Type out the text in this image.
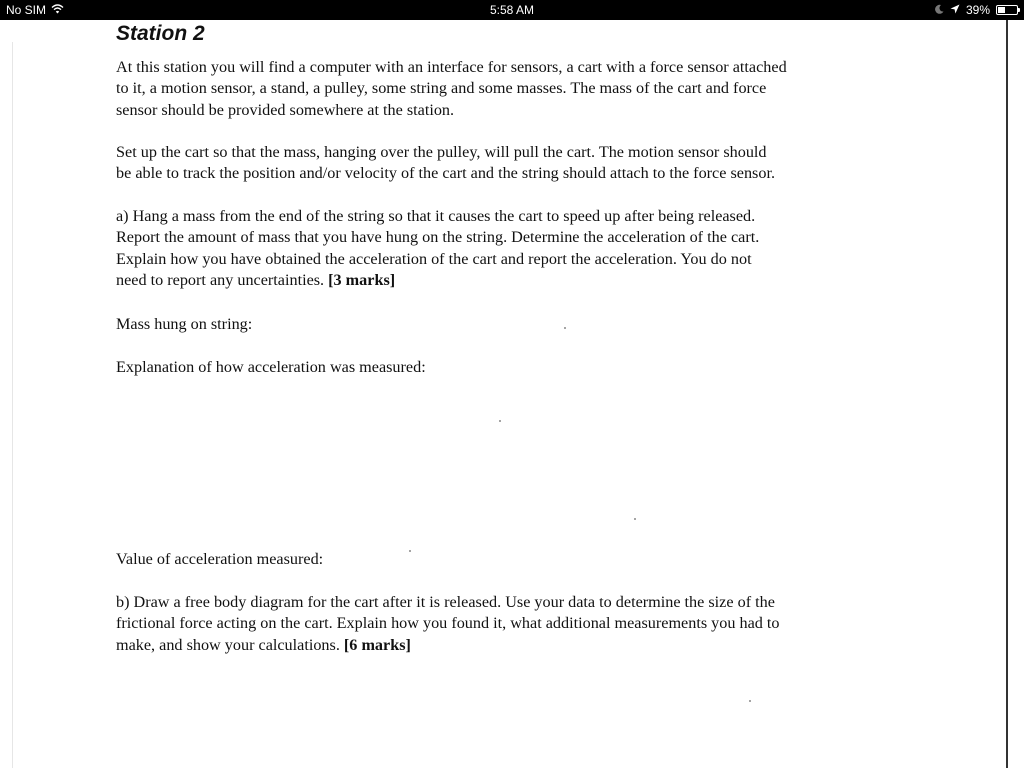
No SIM	5:58 AM	39%
Station 2

At this station you will find a computer with an interface for sensors, a cart with a force sensor attached
to it, a motion sensor, a stand, a pulley, some string and some masses. The mass of the cart and force
sensor should be provided somewhere at the station.

Set up the cart so that the mass, hanging over the pulley, will pull the cart. The motion sensor should
be able to track the position and/or velocity of the cart and the string should attach to the force sensor.

a) Hang a mass from the end of the string so that it causes the cart to speed up after being released.
Report the amount of mass that you have hung on the string. Determine the acceleration of the cart.
Explain how you have obtained the acceleration of the cart and report the acceleration. You do not
need to report any uncertainties. [3 marks]

Mass hung on string:

Explanation of how acceleration was measured:

Value of acceleration measured:

b) Draw a free body diagram for the cart after it is released. Use your data to determine the size of the
frictional force acting on the cart. Explain how you found it, what additional measurements you had to
make, and show your calculations. [6 marks]
